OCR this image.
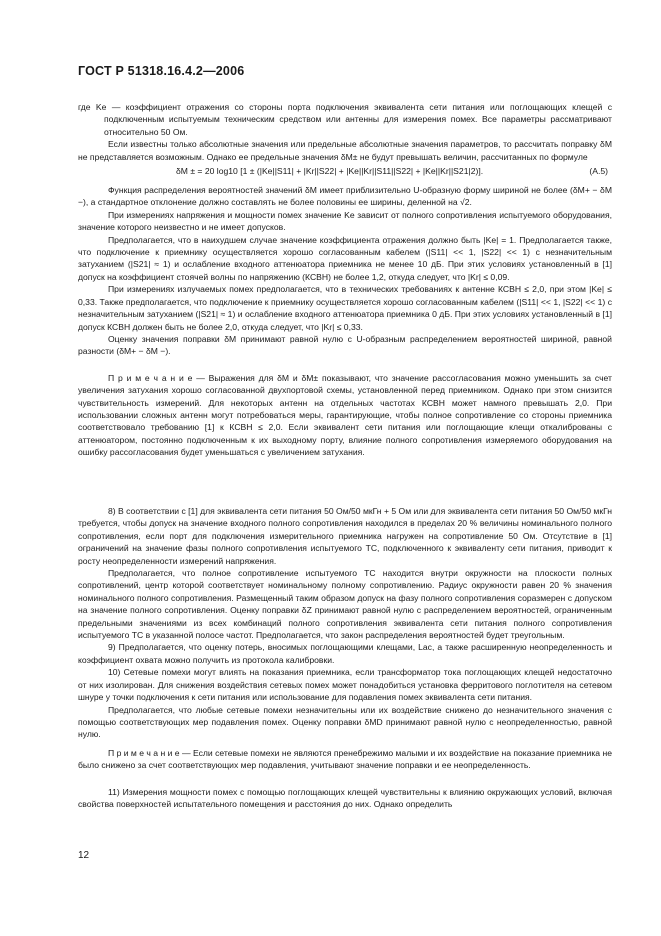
ГОСТ Р 51318.16.4.2—2006

где Ke — коэффициент отражения со стороны порта подключения эквивалента сети питания или поглощающих клещей с подключенным испытуемым техническим средством или антенны для измерения помех. Все параметры рассматривают относительно 50 Ом.

Если известны только абсолютные значения или предельные абсолютные значения параметров, то рассчитать поправку δM не представляется возможным. Однако ее предельные значения δM± не будут превышать величин, рассчитанных по формуле

δM ± = 20 log10 [1 ± (|Ke||S11| + |Kr||S22| + |Ke||Kr||S11||S22| + |Ke||Kr||S21|2)].	(A.5)

Функция распределения вероятностей значений δM имеет приблизительно U-образную форму шириной не более (δM+ − δM −), а стандартное отклонение должно составлять не более половины ее ширины, деленной на √2.

При измерениях напряжения и мощности помех значение Ke зависит от полного сопротивления испытуемого оборудования, значение которого неизвестно и не имеет допусков.

Предполагается, что в наихудшем случае значение коэффициента отражения должно быть |Ke| = 1. Предполагается также, что подключение к приемнику осуществляется хорошо согласованным кабелем (|S11| << 1, |S22| << 1) с незначительным затуханием (|S21| ≈ 1) и ослабление входного аттенюатора приемника не менее 10 дБ. При этих условиях установленный в [1] допуск на коэффициент стоячей волны по напряжению (КСВН) не более 1,2, откуда следует, что |Kr| ≤ 0,09.

При измерениях излучаемых помех предполагается, что в технических требованиях к антенне КСВН ≤ 2,0, при этом |Ke| ≤ 0,33. Также предполагается, что подключение к приемнику осуществляется хорошо согласованным кабелем (|S11| << 1, |S22| << 1) с незначительным затуханием (|S21| ≈ 1) и ослабление входного аттенюатора приемника 0 дБ. При этих условиях установленный в [1] допуск КСВН должен быть не более 2,0, откуда следует, что |Kr| ≤ 0,33.

Оценку значения поправки δM принимают равной нулю с U-образным распределением вероятностей шириной, равной разности (δM+ − δM −).

П р и м е ч а н и е — Выражения для δM и δM± показывают, что значение рассогласования можно уменьшить за счет увеличения затухания хорошо согласованной двухпортовой схемы, установленной перед приемником. Однако при этом снизится чувствительность измерений. Для некоторых антенн на отдельных частотах КСВН может намного превышать 2,0. При использовании сложных антенн могут потребоваться меры, гарантирующие, чтобы полное сопротивление со стороны приемника соответствовало требованию [1] к КСВН ≤ 2,0. Если эквивалент сети питания или поглощающие клещи откалиброваны с аттенюатором, постоянно подключенным к их выходному порту, влияние полного сопротивления измеряемого оборудования на ошибку рассогласования будет уменьшаться с увеличением затухания.

8) В соответствии с [1] для эквивалента сети питания 50 Ом/50 мкГн + 5 Ом или для эквивалента сети питания 50 Ом/50 мкГн требуется, чтобы допуск на значение входного полного сопротивления находился в пределах 20 % величины номинального полного сопротивления, если порт для подключения измерительного приемника нагружен на сопротивление 50 Ом. Отсутствие в [1] ограничений на значение фазы полного сопротивления испытуемого ТС, подключенного к эквиваленту сети питания, приводит к росту неопределенности измерений напряжения.

Предполагается, что полное сопротивление испытуемого ТС находится внутри окружности на плоскости полных сопротивлений, центр которой соответствует номинальному полному сопротивлению. Радиус окружности равен 20 % значения номинального полного сопротивления. Размещенный таким образом допуск на фазу полного сопротивления соразмерен с допуском на значение полного сопротивления. Оценку поправки δZ принимают равной нулю с распределением вероятностей, ограниченным предельными значениями из всех комбинаций полного сопротивления эквивалента сети питания полного сопротивления испытуемого ТС в указанной полосе частот. Предполагается, что закон распределения вероятностей будет треугольным.

9) Предполагается, что оценку потерь, вносимых поглощающими клещами, Lac, а также расширенную неопределенность и коэффициент охвата можно получить из протокола калибровки.

10) Сетевые помехи могут влиять на показания приемника, если трансформатор тока поглощающих клещей недостаточно от них изолирован. Для снижения воздействия сетевых помех может понадобиться установка ферритового поглотителя на сетевом шнуре у точки подключения к сети питания или использование для подавления помех эквивалента сети питания.

Предполагается, что любые сетевые помехи незначительны или их воздействие снижено до незначительного значения с помощью соответствующих мер подавления помех. Оценку поправки δMD принимают равной нулю с неопределенностью, равной нулю.

П р и м е ч а н и е — Если сетевые помехи не являются пренебрежимо малыми и их воздействие на показание приемника не было снижено за счет соответствующих мер подавления, учитывают значение поправки и ее неопределенность.

11) Измерения мощности помех с помощью поглощающих клещей чувствительны к влиянию окружающих условий, включая свойства поверхностей испытательного помещения и расстояния до них. Однако определить

12
